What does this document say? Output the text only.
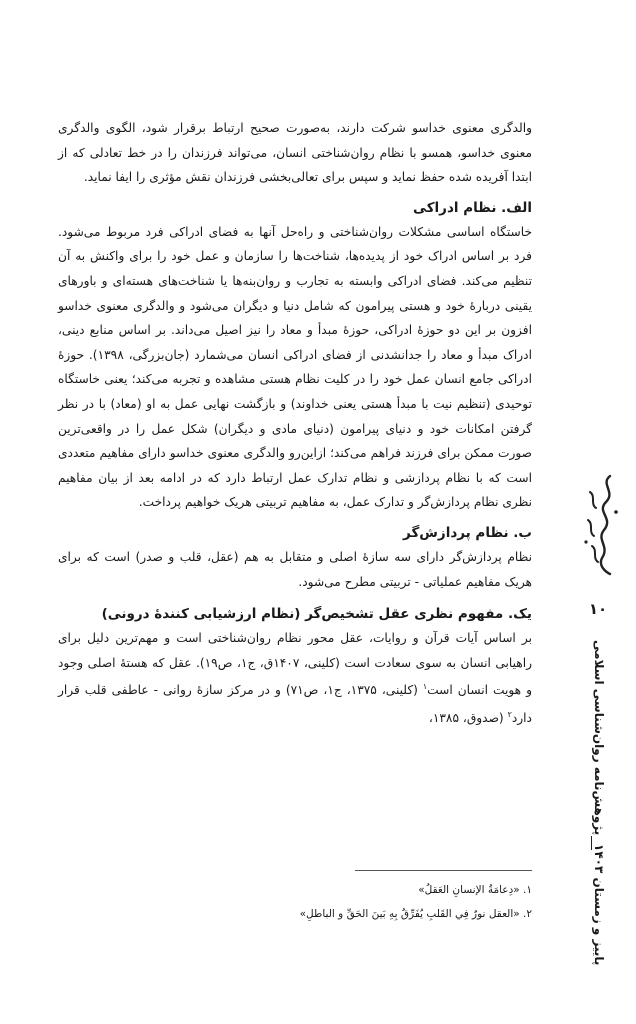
والدگری معنوی خداسو شرکت دارند، به‌صورت صحیح ارتباط برقرار شود، الگوی والدگری معنوی خداسو، همسو با نظام روان‌شناختی انسان، می‌تواند فرزندان را در خط تعادلی که از ابتدا آفریده شده حفظ نماید و سپس برای تعالی‌بخشی فرزندان نقش مؤثری را ایفا نماید.

الف. نظام ادراکی

خاستگاه اساسی مشکلات روان‌شناختی و راه‌حل آنها به فضای ادراکی فرد مربوط می‌شود. فرد بر اساس ادراک خود از پدیده‌ها، شناخت‌ها را سازمان و عمل خود را برای واکنش به آن تنظیم می‌کند. فضای ادراکی وابسته به تجارب و روان‌بنه‌ها یا شناخت‌های هسته‌ای و باورهای یقینی دربارهٔ خود و هستی پیرامون که شامل دنیا و دیگران می‌شود و والدگری معنوی خداسو افزون بر این دو حوزهٔ ادراکی، حوزهٔ مبدأ و معاد را نیز اصیل می‌داند. بر اساس منابع دینی، ادراک مبدأ و معاد را جدانشدنی از فضای ادراکی انسان می‌شمارد (جان‌بزرگی، ۱۳۹۸). حوزهٔ ادراکی جامع انسان عمل خود را در کلیت نظام هستی مشاهده و تجربه می‌کند؛ یعنی خاستگاه توحیدی (تنظیم نیت با مبدأ هستی یعنی خداوند) و بازگشت نهایی عمل به او (معاد) با در نظر گرفتن امکانات خود و دنیای پیرامون (دنیای مادی و دیگران) شکل عمل را در واقعی‌ترین صورت ممکن برای فرزند فراهم می‌کند؛ ازاین‌رو والدگری معنوی خداسو دارای مفاهیم متعددی است که با نظام پردازشی و نظام تدارک عمل ارتباط دارد که در ادامه بعد از بیان مفاهیم نظری نظام پردازش‌گر و تدارک عمل، به مفاهیم تربیتی هریک خواهیم پرداخت.

ب. نظام پردازش‌گر

نظام پردازش‌گر دارای سه سازهٔ اصلی و متقابل به هم (عقل، قلب و صدر) است که برای هریک مفاهیم عملیاتی - تربیتی مطرح می‌شود.

یک. مفهوم نظری عقل تشخیص‌گر (نظام ارزشیابی کنندهٔ درونی)

بر اساس آیات قرآن و روایات، عقل محور نظام روان‌شناختی است و مهم‌ترین دلیل برای راهیابی انسان به سوی سعادت است (کلینی، ۱۴۰۷ق، ج۱، ص۱۹). عقل که هستهٔ اصلی وجود و هویت انسان است$^۱$ (کلینی، ۱۳۷۵، ج۱، ص۷۱) و در مرکز سازهٔ روانی - عاطفی قلب قرار دارد$^۲$ (صدوق، ۱۳۸۵،

۱. «دِعامَةُ الإنسانِ العَقلُ»
۲. «العقل نورٌ فِي القَلبِ يُفَرِّقُ بِهِ بَينَ الحَقِّ و الباطلِ»
۱۰
پژوهش‌نامه روان‌شناسی اسلامی
پاییز و زمستان ۱۴۰۳
